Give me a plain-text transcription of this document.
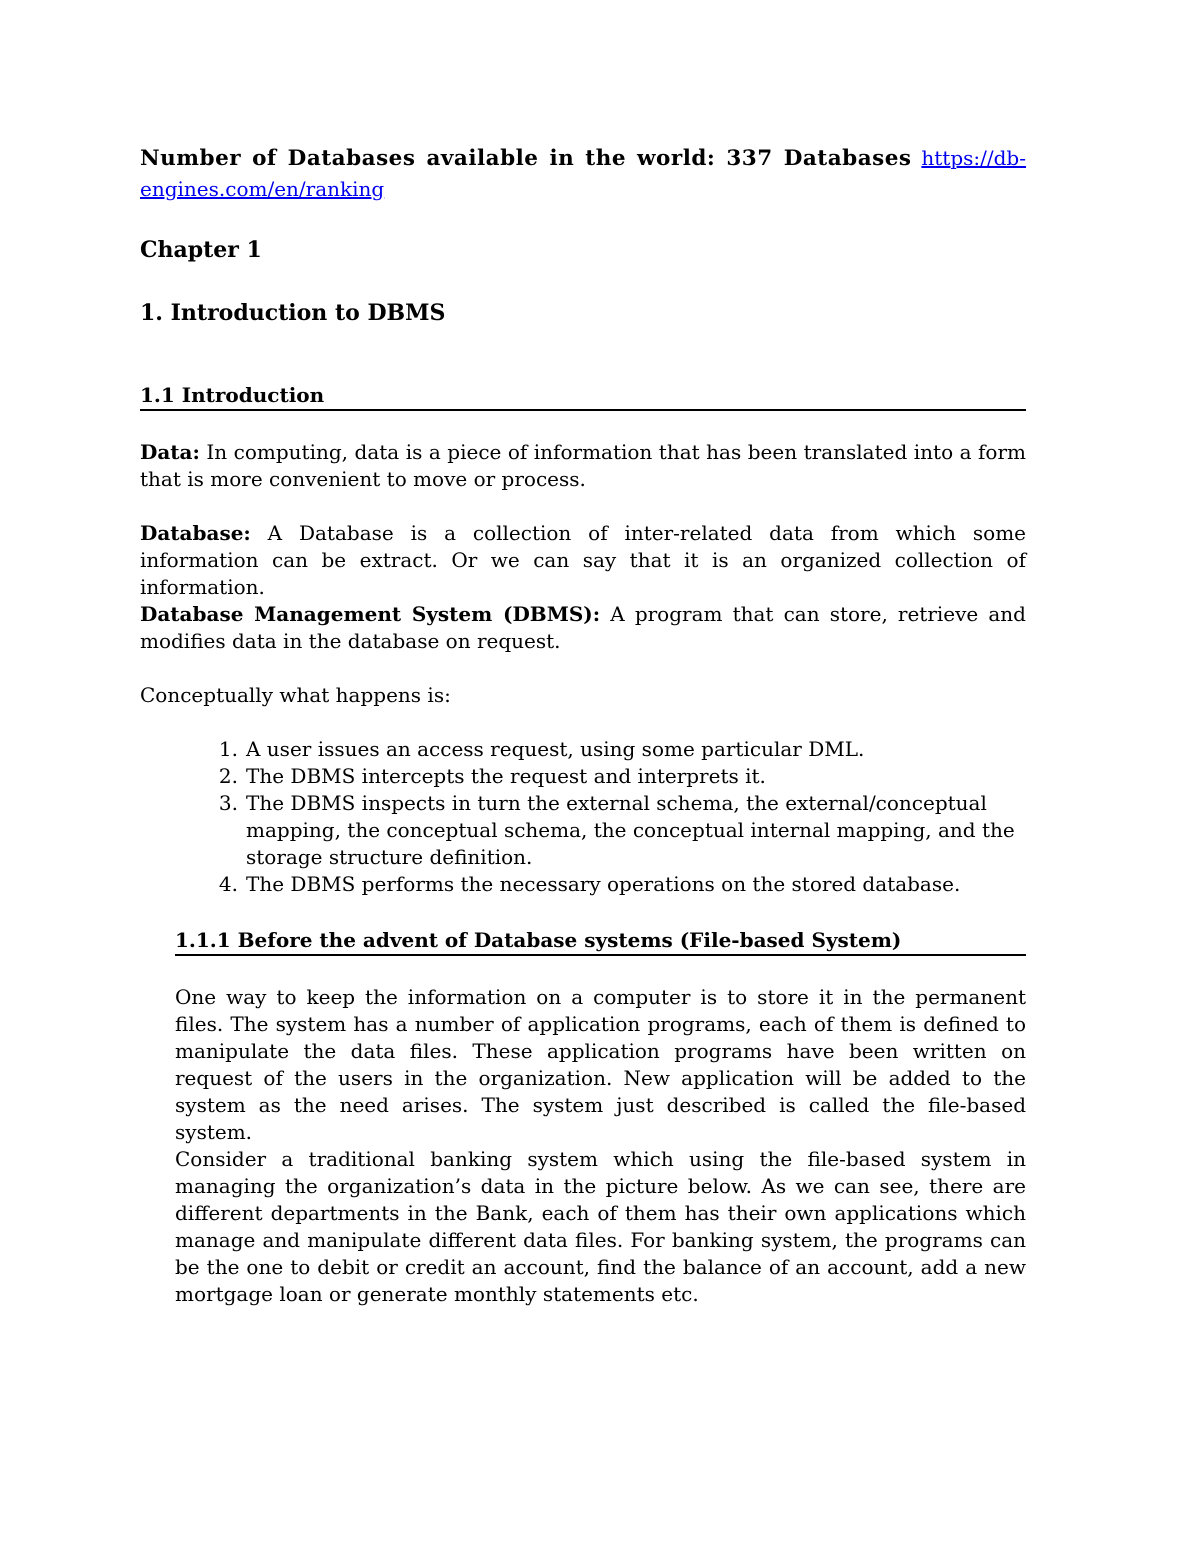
Number of Databases available in the world: 337 Databases https://db-engines.com/en/ranking

Chapter 1
1. Introduction to DBMS
1.1 Introduction

Data: In computing, data is a piece of information that has been translated into a form that is more convenient to move or process.

Database: A Database is a collection of inter-related data from which some information can be extract. Or we can say that it is an organized collection of information.

Database Management System (DBMS): A program that can store, retrieve and modifies data in the database on request.

Conceptually what happens is:

1. A user issues an access request, using some particular DML.
2. The DBMS intercepts the request and interprets it.
3. The DBMS inspects in turn the external schema, the external/conceptual mapping, the conceptual schema, the conceptual internal mapping, and the storage structure definition.
4. The DBMS performs the necessary operations on the stored database.
1.1.1 Before the advent of Database systems (File-based System)

One way to keep the information on a computer is to store it in the permanent files. The system has a number of application programs, each of them is defined to manipulate the data files. These application programs have been written on request of the users in the organization. New application will be added to the system as the need arises. The system just described is called the file-based system.

Consider a traditional banking system which using the file-based system in managing the organization’s data in the picture below. As we can see, there are different departments in the Bank, each of them has their own applications which manage and manipulate different data files. For banking system, the programs can be the one to debit or credit an account, find the balance of an account, add a new mortgage loan or generate monthly statements etc.
